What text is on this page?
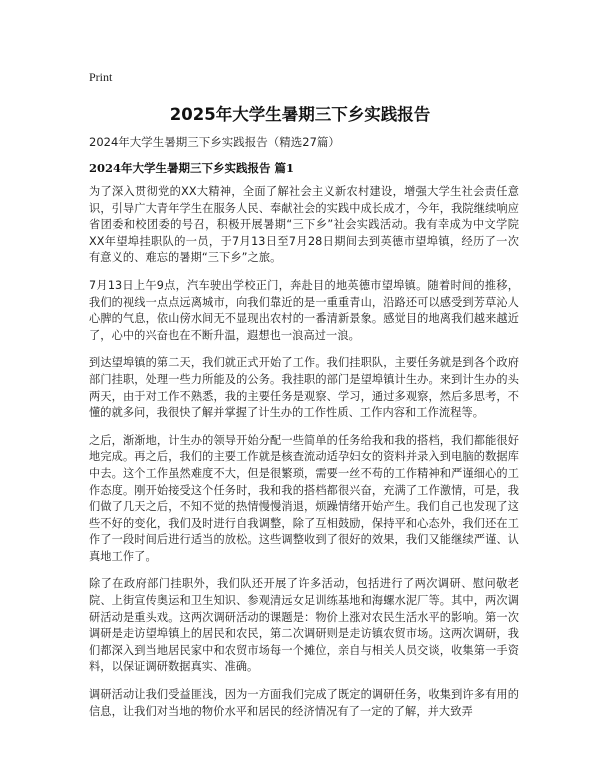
Print
2025年大学生暑期三下乡实践报告
2024年大学生暑期三下乡实践报告（精选27篇）
2024年大学生暑期三下乡实践报告 篇1

为了深入贯彻党的XX大精神，全面了解社会主义新农村建设，增强大学生社会责任意识，引导广大青年学生在服务人民、奉献社会的实践中成长成才，今年，我院继续响应省团委和校团委的号召，积极开展暑期“三下乡”社会实践活动。我有幸成为中文学院XX年望埠挂职队的一员，于7月13日至7月28日期间去到英德市望埠镇，经历了一次有意义的、难忘的暑期“三下乡”之旅。

7月13日上午9点，汽车驶出学校正门，奔赴目的地英德市望埠镇。随着时间的推移，我们的视线一点点远离城市，向我们靠近的是一重重青山，沿路还可以感受到芳草沁人心脾的气息，依山傍水间无不显现出农村的一番清新景象。感觉目的地离我们越来越近了，心中的兴奋也在不断升温，遐想也一浪高过一浪。

到达望埠镇的第二天，我们就正式开始了工作。我们挂职队，主要任务就是到各个政府部门挂职，处理一些力所能及的公务。我挂职的部门是望埠镇计生办。来到计生办的头两天，由于对工作不熟悉，我的主要任务是观察、学习，通过多观察，然后多思考，不懂的就多问，我很快了解并掌握了计生办的工作性质、工作内容和工作流程等。

之后，渐渐地，计生办的领导开始分配一些简单的任务给我和我的搭档，我们都能很好地完成。再之后，我们的主要工作就是核查流动适孕妇女的资料并录入到电脑的数据库中去。这个工作虽然难度不大，但是很繁琐，需要一丝不苟的工作精神和严谨细心的工作态度。刚开始接受这个任务时，我和我的搭档都很兴奋，充满了工作激情，可是，我们做了几天之后，不知不觉的热情慢慢消退，烦躁情绪开始产生。我们自己也发现了这些不好的变化，我们及时进行自我调整，除了互相鼓励，保持平和心态外，我们还在工作了一段时间后进行适当的放松。这些调整收到了很好的效果，我们又能继续严谨、认真地工作了。

除了在政府部门挂职外，我们队还开展了许多活动，包括进行了两次调研、慰问敬老院、上街宣传奥运和卫生知识、参观清远女足训练基地和海螺水泥厂等。其中，两次调研活动是重头戏。这两次调研活动的课题是：物价上涨对农民生活水平的影响。第一次调研是走访望埠镇上的居民和农民，第二次调研则是走访镇农贸市场。这两次调研，我们都深入到当地居民家中和农贸市场每一个摊位，亲自与相关人员交谈，收集第一手资料，以保证调研数据真实、准确。

调研活动让我们受益匪浅，因为一方面我们完成了既定的调研任务，收集到许多有用的信息，让我们对当地的物价水平和居民的经济情况有了一定的了解，并大致弄
